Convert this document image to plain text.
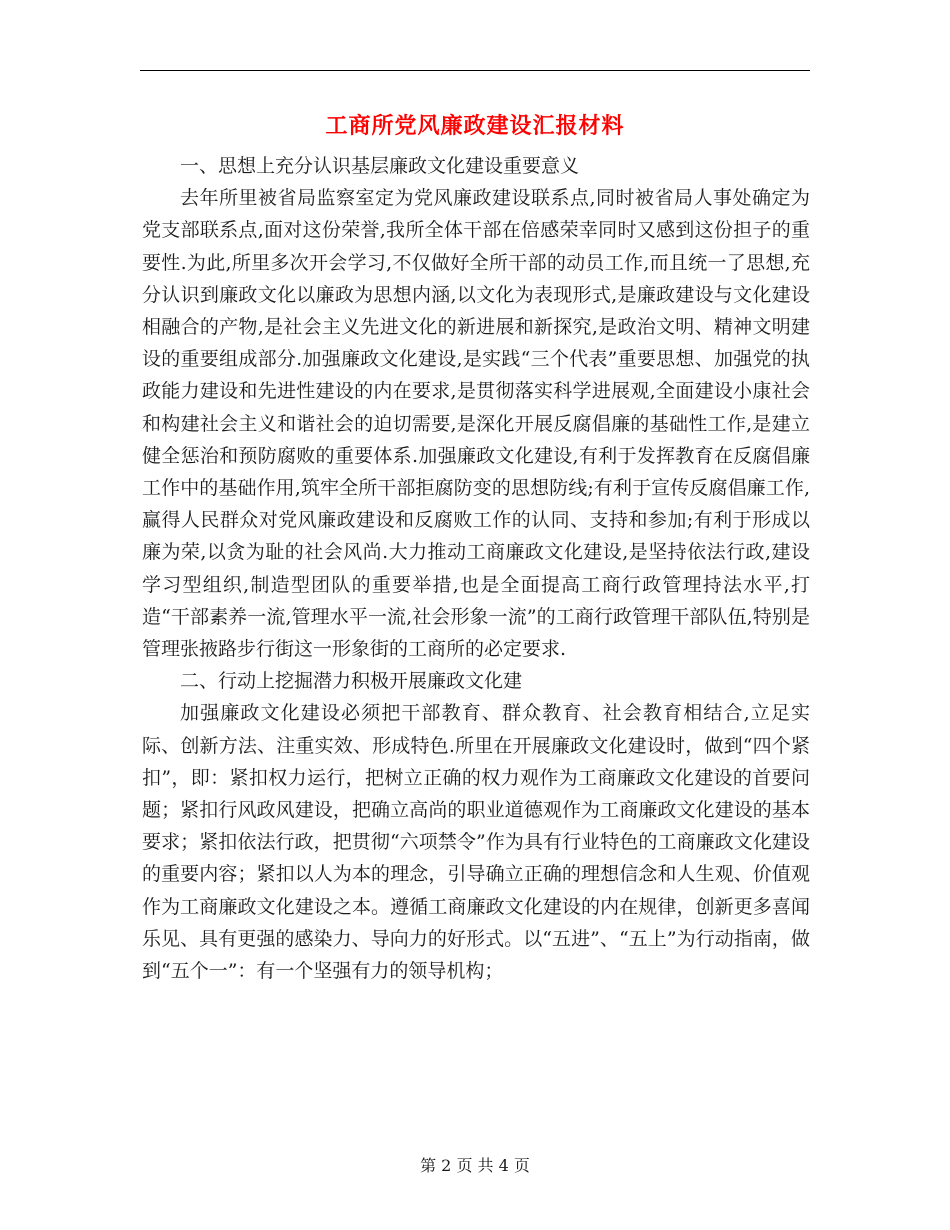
工商所党风廉政建设汇报材料

一、思想上充分认识基层廉政文化建设重要意义

去年所里被省局监察室定为党风廉政建设联系点,同时被省局人事处确定为党支部联系点,面对这份荣誉,我所全体干部在倍感荣幸同时又感到这份担子的重要性.为此,所里多次开会学习,不仅做好全所干部的动员工作,而且统一了思想,充分认识到廉政文化以廉政为思想内涵,以文化为表现形式,是廉政建设与文化建设相融合的产物,是社会主义先进文化的新进展和新探究,是政治文明、精神文明建设的重要组成部分.加强廉政文化建设,是实践“三个代表”重要思想、加强党的执政能力建设和先进性建设的内在要求,是贯彻落实科学进展观,全面建设小康社会和构建社会主义和谐社会的迫切需要,是深化开展反腐倡廉的基础性工作,是建立健全惩治和预防腐败的重要体系.加强廉政文化建设,有利于发挥教育在反腐倡廉工作中的基础作用,筑牢全所干部拒腐防变的思想防线;有利于宣传反腐倡廉工作,赢得人民群众对党风廉政建设和反腐败工作的认同、支持和参加;有利于形成以廉为荣,以贪为耻的社会风尚.大力推动工商廉政文化建设,是坚持依法行政,建设学习型组织,制造型团队的重要举措,也是全面提高工商行政管理持法水平,打造“干部素养一流,管理水平一流,社会形象一流”的工商行政管理干部队伍,特别是管理张掖路步行街这一形象街的工商所的必定要求.

二、行动上挖掘潜力积极开展廉政文化建

加强廉政文化建设必须把干部教育、群众教育、社会教育相结合,立足实际、创新方法、注重实效、形成特色.所里在开展廉政文化建设时，做到“四个紧扣”，即：紧扣权力运行，把树立正确的权力观作为工商廉政文化建设的首要问题；紧扣行风政风建设，把确立高尚的职业道德观作为工商廉政文化建设的基本要求；紧扣依法行政，把贯彻“六项禁令”作为具有行业特色的工商廉政文化建设的重要内容；紧扣以人为本的理念，引导确立正确的理想信念和人生观、价值观作为工商廉政文化建设之本。遵循工商廉政文化建设的内在规律，创新更多喜闻乐见、具有更强的感染力、导向力的好形式。以“五进”、“五上”为行动指南，做到“五个一”：有一个坚强有力的领导机构；

第 2 页 共 4 页
